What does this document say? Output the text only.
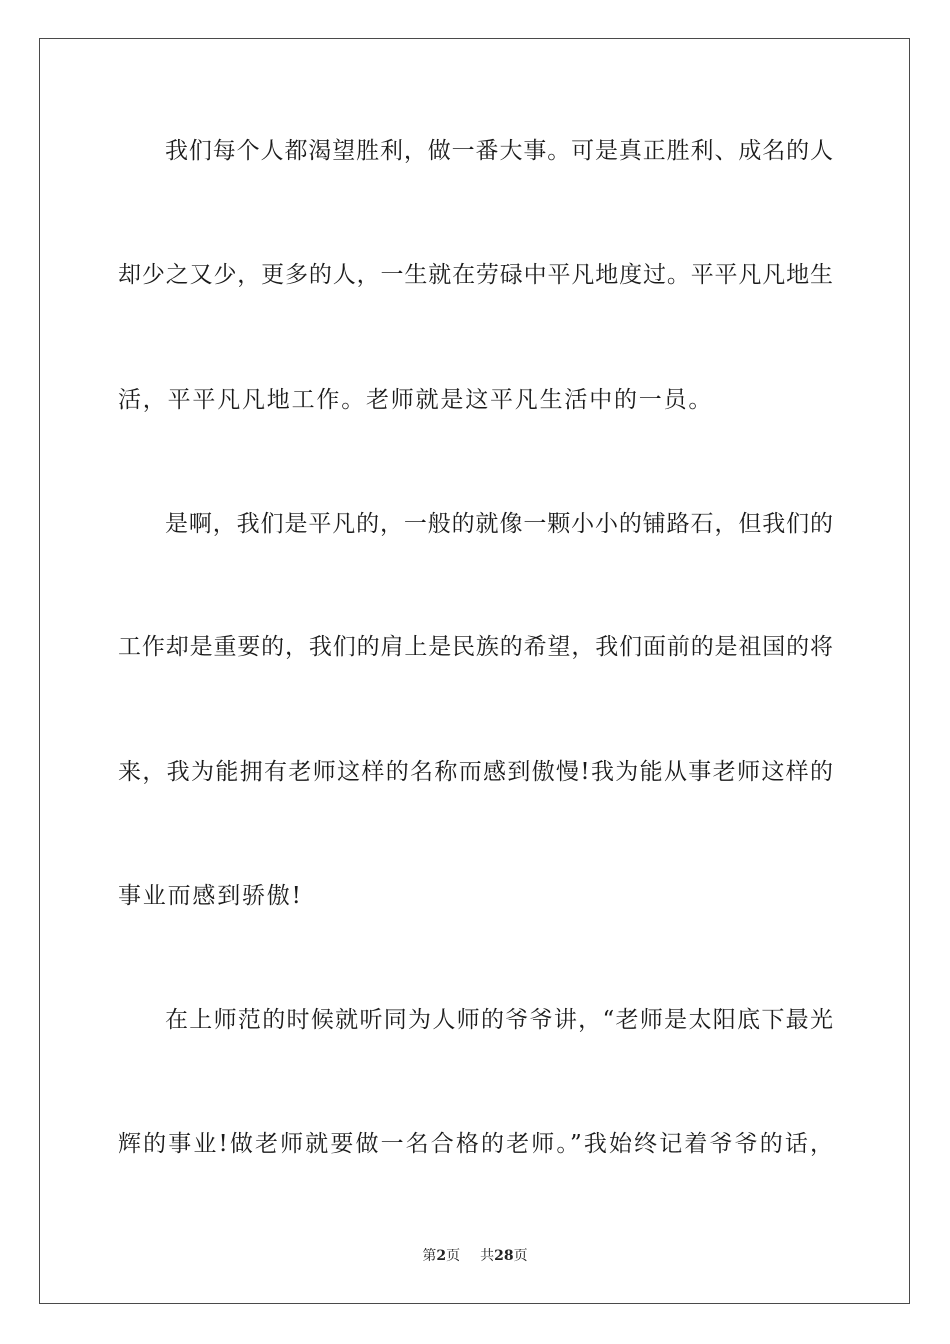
我们每个人都渴望胜利，做一番大事。可是真正胜利、成名的人
却少之又少，更多的人，一生就在劳碌中平凡地度过。平平凡凡地生
活，平平凡凡地工作。老师就是这平凡生活中的一员。
是啊，我们是平凡的，一般的就像一颗小小的铺路石，但我们的
工作却是重要的，我们的肩上是民族的希望，我们面前的是祖国的将
来，我为能拥有老师这样的名称而感到傲慢!我为能从事老师这样的
事业而感到骄傲!
在上师范的时候就听同为人师的爷爷讲，“老师是太阳底下最光
辉的事业!做老师就要做一名合格的老师。”我始终记着爷爷的话，
第2页 共28页
